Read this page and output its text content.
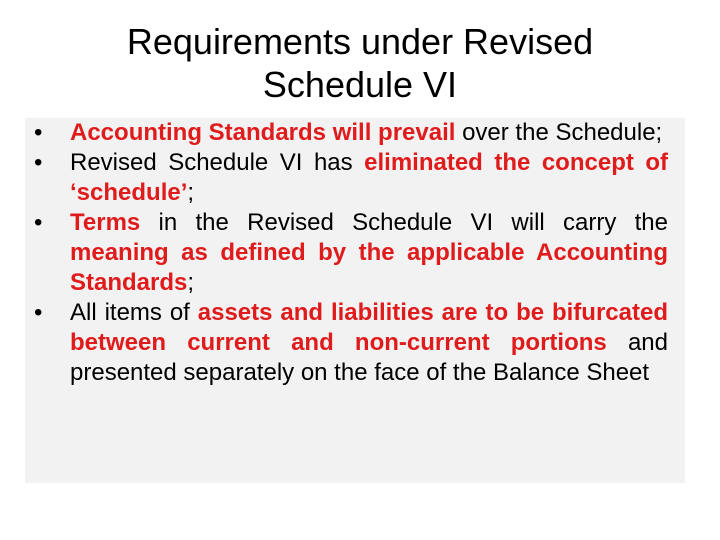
Requirements under Revised
Schedule VI
• Accounting Standards will prevail over the Schedule;
• Revised Schedule VI has eliminated the concept of ‘schedule’;
• Terms in the Revised Schedule VI will carry the meaning as defined by the applicable Accounting Standards;
• All items of assets and liabilities are to be bifurcated between current and non-current portions and presented separately on the face of the Balance Sheet
